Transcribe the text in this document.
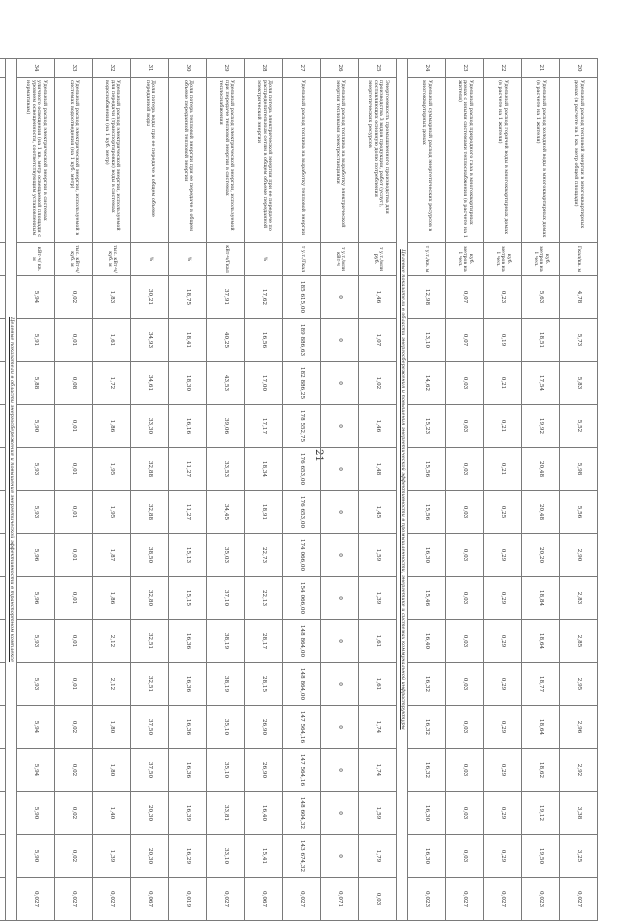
21
20	Удельный расход тепловой энергии в многоквартирных домах (в расчете на 1 кв. метр общей площади)	Гкал/кв. м	4,78	5,73	5,83	5,52	5,98	5,56	2,90	2,83	2,85	2,95	2,96	2,92	3,38	3,25	0,027
21	Удельный расход холодной воды в многоквартирных домах (в расчете на 1 жителя)	куб. метров на 1 чел.	5,63	18,51	17,54	19,92	20,48	20,48	20,20	18,84	18,64	18,77	18,64	18,62	19,12	19,50	0,023
22	Удельный расход горячей воды в многоквартирных домах (в расчете на 1 жителя)	куб. метров на 1 чел.	0,23	0,19	0,21	0,21	0,21	0,25	0,29	0,29	0,29	0,29	0,29	0,29	0,29	0,29	0,027
23	Удельный расход природного газа в многоквартирных домах с иными системами теплоснабжения (в расчете на 1 жителя)	куб. метров на 1 чел.	0,07	0,07	0,03	0,03	0,03	0,03	0,03	0,03	0,03	0,03	0,03	0,03	0,03	0,03	0,027
24	Удельный суммарный расход энергетических ресурсов в многоквартирных домах	т у.т./кв. м	12,98	13,10	14,62	15,23	15,56	15,56	16,30	15,46	16,40	16,32	16,32	16,32	16,30	16,30	0,023
Целевые показатели в области энергосбережения и повышения энергетической эффективности в промышленности, энергетике и системах коммунальной инфраструктуры																	
25	Энергоемкость промышленного производства для производства 3 видов продукции, работ (услуг), составляющих основную долю потребления энергетических ресурсов	т у.т./млн руб.	1,46	1,07	1,02	1,46	1,48	1,45	1,59	1,39	1,61	1,61	1,74	1,74	1,59	1,79	0,03
26	Удельный расход топлива на выработку электрической энергии тепловыми электростанциями	т у.т./млн кВт·ч	0	0	0	0	0	0	0	0	0	0	0	0	0	0	0,071
27	Удельный расход топлива на выработку тепловой энергии	т у.т./Гкал	185 615,00	189 886,63	182 886,25	178 552,75	176 653,00	176 653,00	174 066,00	154 066,00	148 864,00	148 864,00	147 564,16	147 564,16	148 604,32	143 674,32	0,027
28	Доля потерь электрической энергии при ее передаче по распределительным сетям в общем объеме переданной электрической энергии	%	17,62	16,56	17,00	17,17	18,34	18,91	22,73	22,13	28,17	28,15	26,90	26,90	16,40	15,41	0,067
29	Удельный расход электрической энергии, используемой при передаче тепловой энергии в системах теплоснабжения	кВт·ч/Гкал	37,91	40,25	43,53	39,06	33,53	34,45	35,03	37,10	38,19	38,19	35,10	35,10	33,81	33,10	0,027
30	Доля потерь тепловой энергии при ее передаче в общем объеме переданной тепловой энергии	%	18,75	18,41	18,30	16,16	11,27	11,27	15,13	15,15	16,36	16,36	16,36	16,36	16,39	16,29	0,019
31	Доля потерь воды при ее передаче в общем объеме переданной воды	%	30,21	34,93	34,61	33,30	32,88	32,88	38,50	32,80	32,51	32,51	37,50	37,50	20,30	20,30	0,067
32	Удельный расход электрической энергии, используемой для передачи (транспортировки) воды в системах водоснабжения (на 1 куб. метр)	тыс. кВт·ч/ куб. м	1,83	1,61	1,72	1,86	1,95	1,95	1,87	1,86	2,12	2,12	1,80	1,80	1,40	1,39	0,027
33	Удельный расход электрической энергии, используемой в системах водоотведения (на 1 куб. метр)	тыс. кВт·ч/ куб. м	0,02	0,01	0,08	0,01	0,01	0,01	0,01	0,01	0,01	0,01	0,02	0,02	0,02	0,02	0,027
34	Удельный расход электрической энергии в системах уличного освещения (на 1 кв. метр освещаемой площади с уровнем освещенности, соответствующим установленным нормативам)	кВт·ч/ кв. м	5,94	5,91	5,88	5,90	5,93	5,93	5,96	5,96	5,93	5,93	5,94	5,94	5,90	5,90	0,027
Целевые показатели в области энергосбережения и повышения энергетической эффективности в транспортном комплексе																	
